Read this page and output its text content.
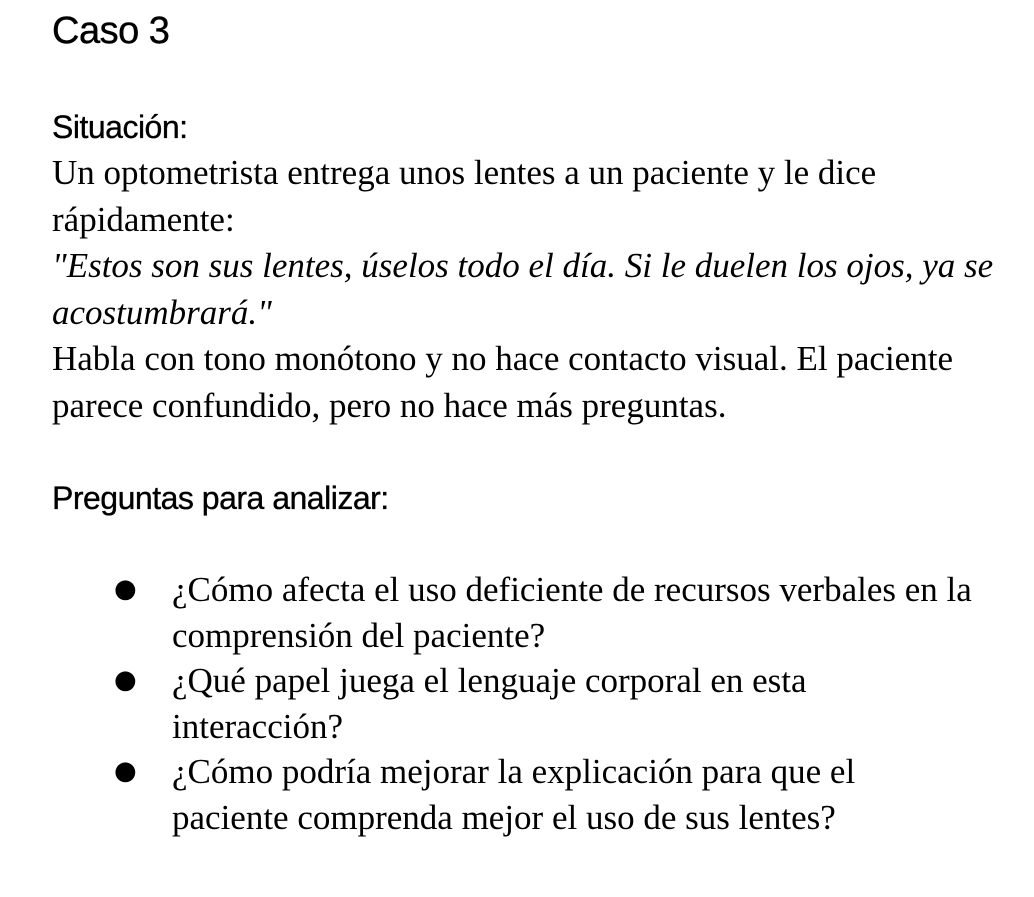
Caso 3
Situación:

Un optometrista entrega unos lentes a un paciente y le dice rápidamente:

"Estos son sus lentes, úselos todo el día. Si le duelen los ojos, ya se acostumbrará."

Habla con tono monótono y no hace contacto visual. El paciente parece confundido, pero no hace más preguntas.

Preguntas para analizar:
● ¿Cómo afecta el uso deficiente de recursos verbales en la comprensión del paciente?
● ¿Qué papel juega el lenguaje corporal en esta interacción?
● ¿Cómo podría mejorar la explicación para que el paciente comprenda mejor el uso de sus lentes?
